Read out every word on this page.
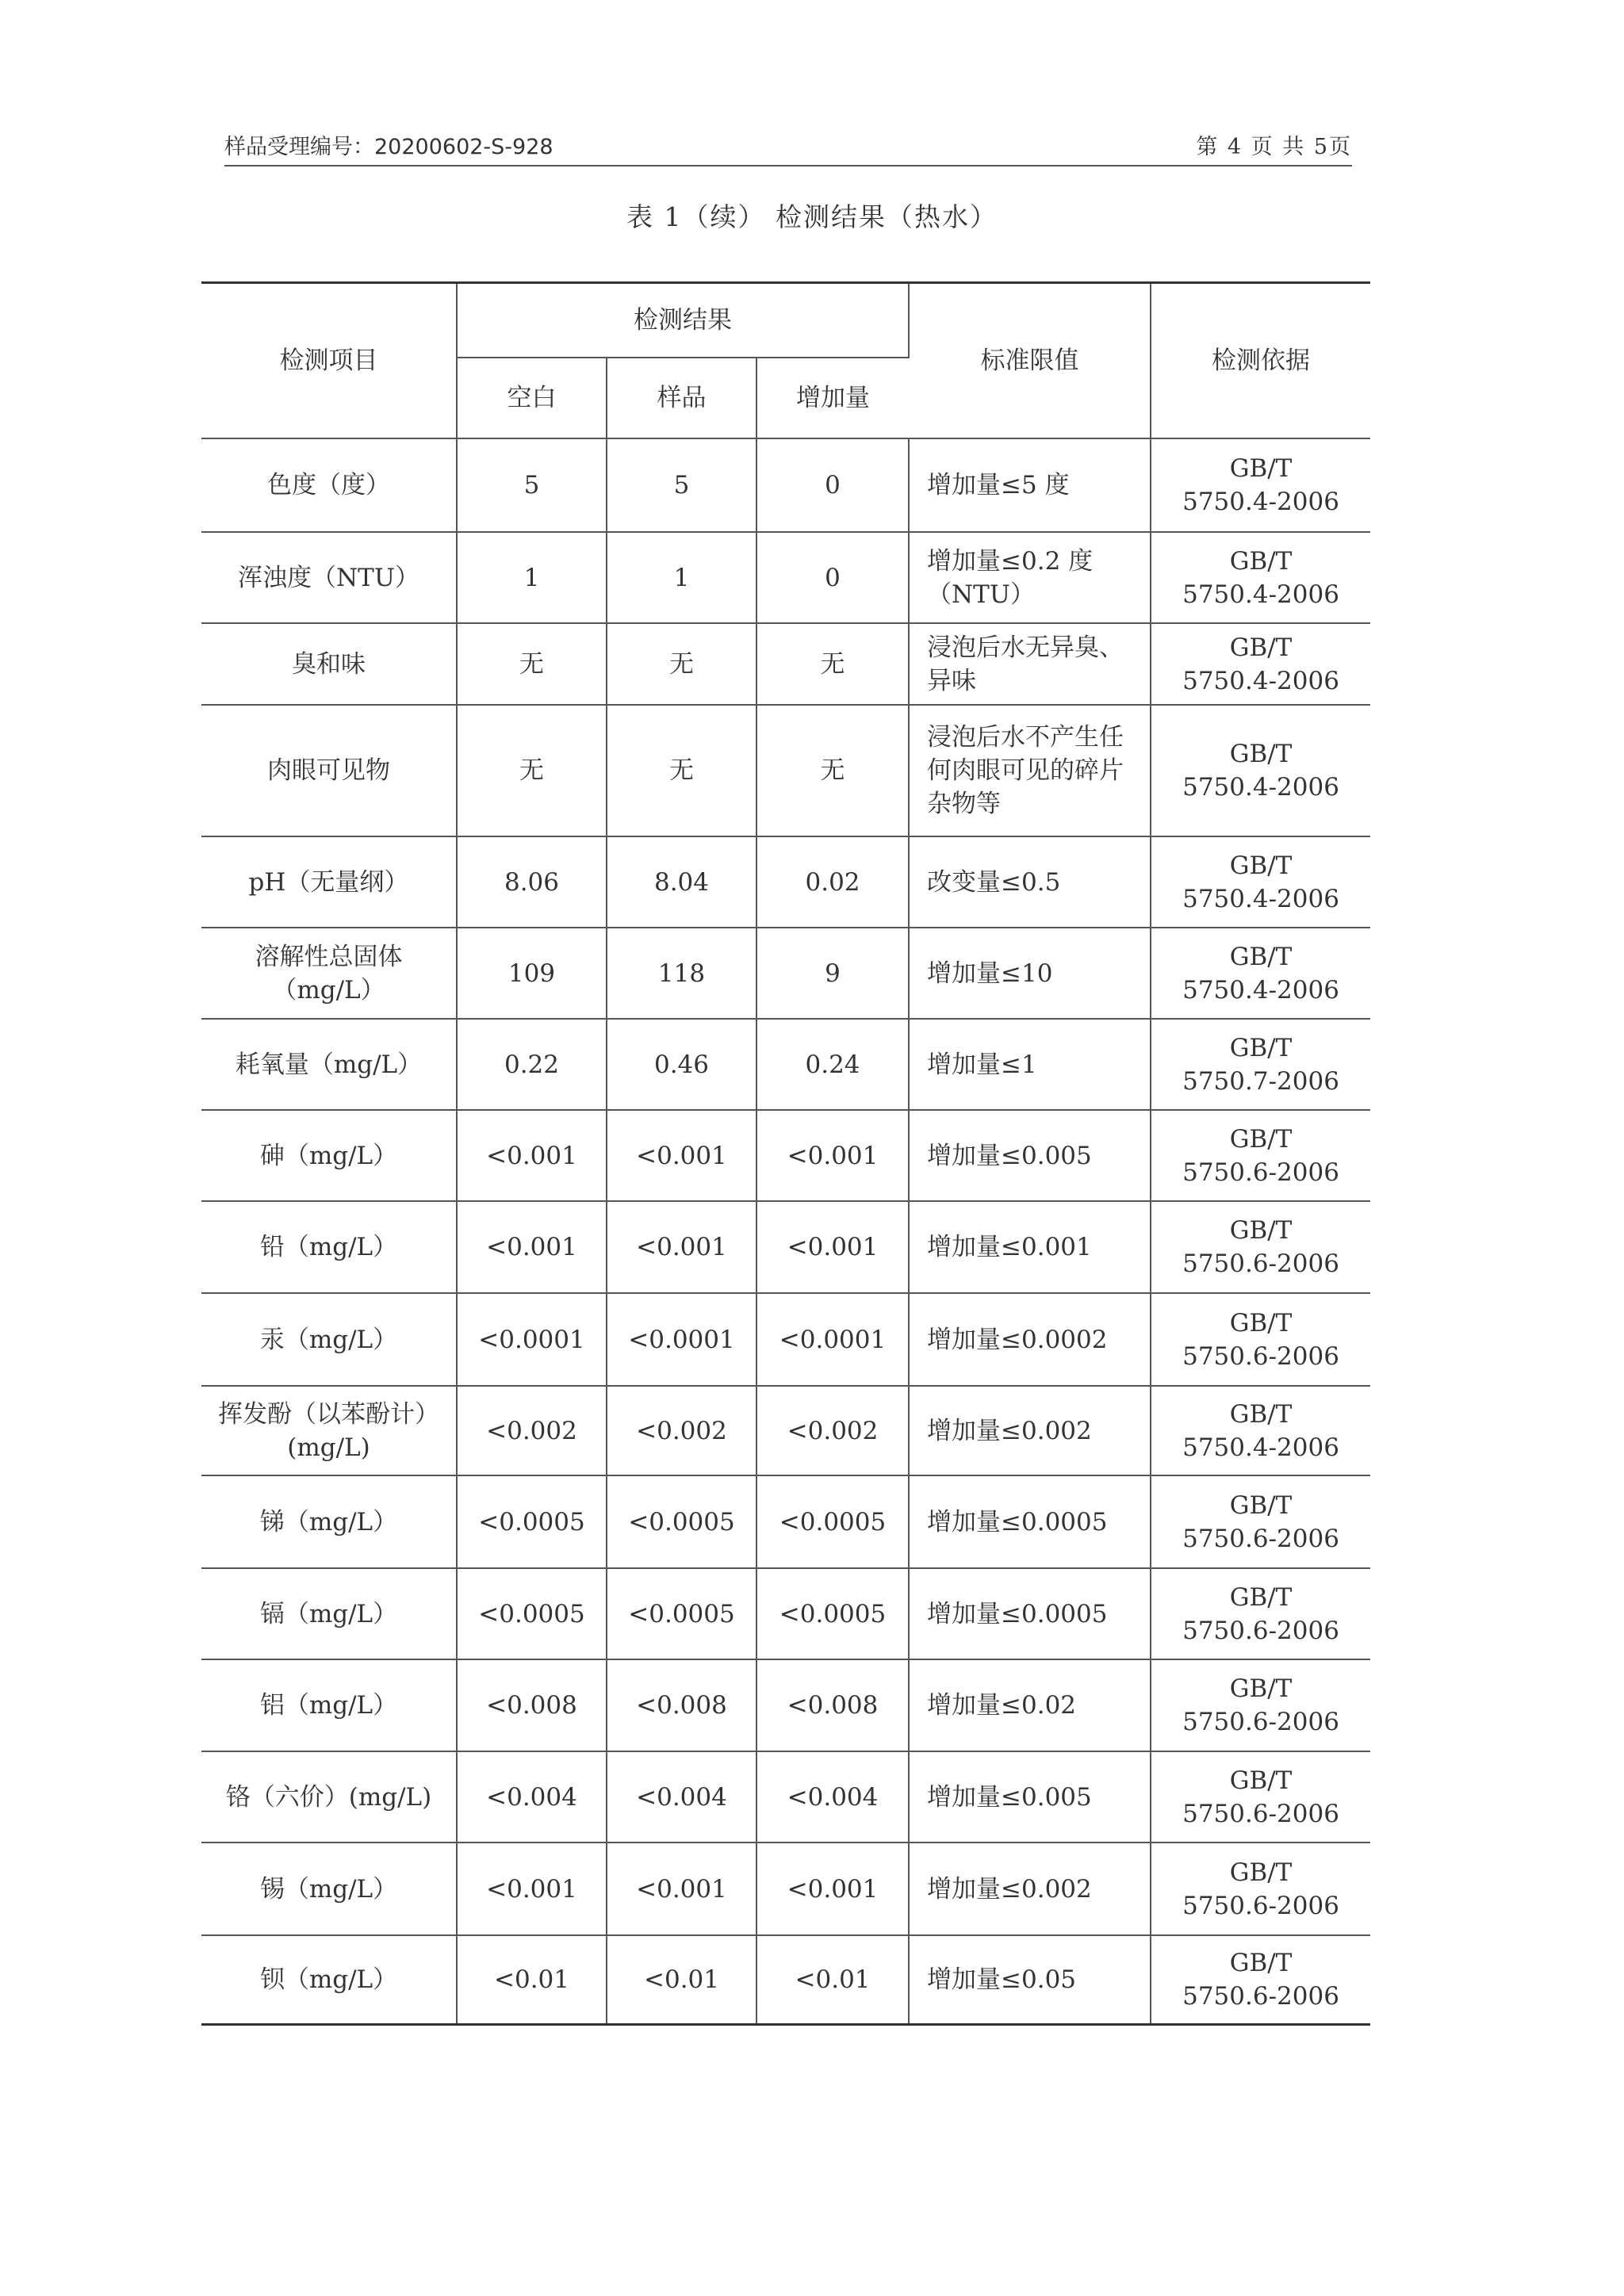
样品受理编号：20200602-S-928	第 4 页 共 5页
表 1（续） 检测结果（热水）
检测项目	检测结果			标准限值	检测依据
	空白	样品	增加量		
色度（度）	5	5	0	增加量≤5 度	GB/T
5750.4-2006

浑浊度（NTU）	1	1	0	增加量≤0.2 度（NTU）	GB/T
5750.4-2006

臭和味	无	无	无	浸泡后水无异臭、异味	GB/T
5750.4-2006

肉眼可见物	无	无	无	浸泡后水不产生任何肉眼可见的碎片杂物等	GB/T
5750.4-2006

pH（无量纲）	8.06	8.04	0.02	改变量≤0.5	GB/T
5750.4-2006

溶解性总固体（mg/L）	109	118	9	增加量≤10	GB/T
5750.4-2006

耗氧量（mg/L）	0.22	0.46	0.24	增加量≤1	GB/T
5750.7-2006

砷（mg/L）	<0.001	<0.001	<0.001	增加量≤0.005	GB/T
5750.6-2006

铅（mg/L）	<0.001	<0.001	<0.001	增加量≤0.001	GB/T
5750.6-2006

汞（mg/L）	<0.0001	<0.0001	<0.0001	增加量≤0.0002	GB/T
5750.6-2006

挥发酚（以苯酚计）(mg/L)	<0.002	<0.002	<0.002	增加量≤0.002	GB/T
5750.4-2006

锑（mg/L）	<0.0005	<0.0005	<0.0005	增加量≤0.0005	GB/T
5750.6-2006

镉（mg/L）	<0.0005	<0.0005	<0.0005	增加量≤0.0005	GB/T
5750.6-2006

铝（mg/L）	<0.008	<0.008	<0.008	增加量≤0.02	GB/T
5750.6-2006

铬（六价）(mg/L)	<0.004	<0.004	<0.004	增加量≤0.005	GB/T
5750.6-2006

锡（mg/L）	<0.001	<0.001	<0.001	增加量≤0.002	GB/T
5750.6-2006

钡（mg/L）	<0.01	<0.01	<0.01	增加量≤0.05	GB/T
5750.6-2006
